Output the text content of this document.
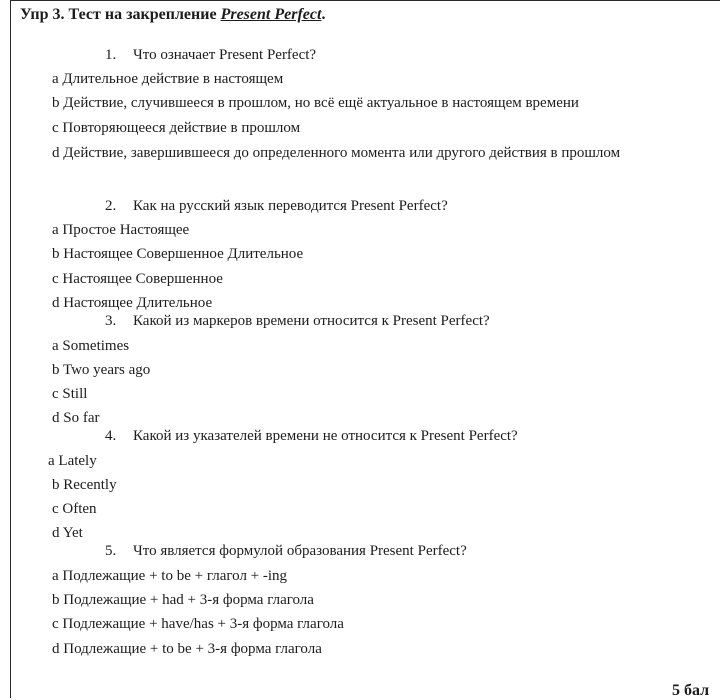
Упр 3. Тест на закрепление Present Perfect.
1. Что означает Present Perfect?
a Длительное действие в настоящем
b Действие, случившееся в прошлом, но всё ещё актуальное в настоящем времени
c Повторяющееся действие в прошлом
d Действие, завершившееся до определенного момента или другого действия в прошлом
2. Как на русский язык переводится Present Perfect?
a Простое Настоящее
b Настоящее Совершенное Длительное
c Настоящее Совершенное
d Настоящее Длительное
3. Какой из маркеров времени относится к Present Perfect?
a Sometimes
b Two years ago
c Still
d So far
4. Какой из указателей времени не относится к Present Perfect?
a Lately
b Recently
c Often
d Yet
5. Что является формулой образования Present Perfect?
a Подлежащие + to be + глагол + -ing
b Подлежащие + had + 3-я форма глагола
c Подлежащие + have/has + 3-я форма глагола
d Подлежащие + to be + 3-я форма глагола
5 бал
